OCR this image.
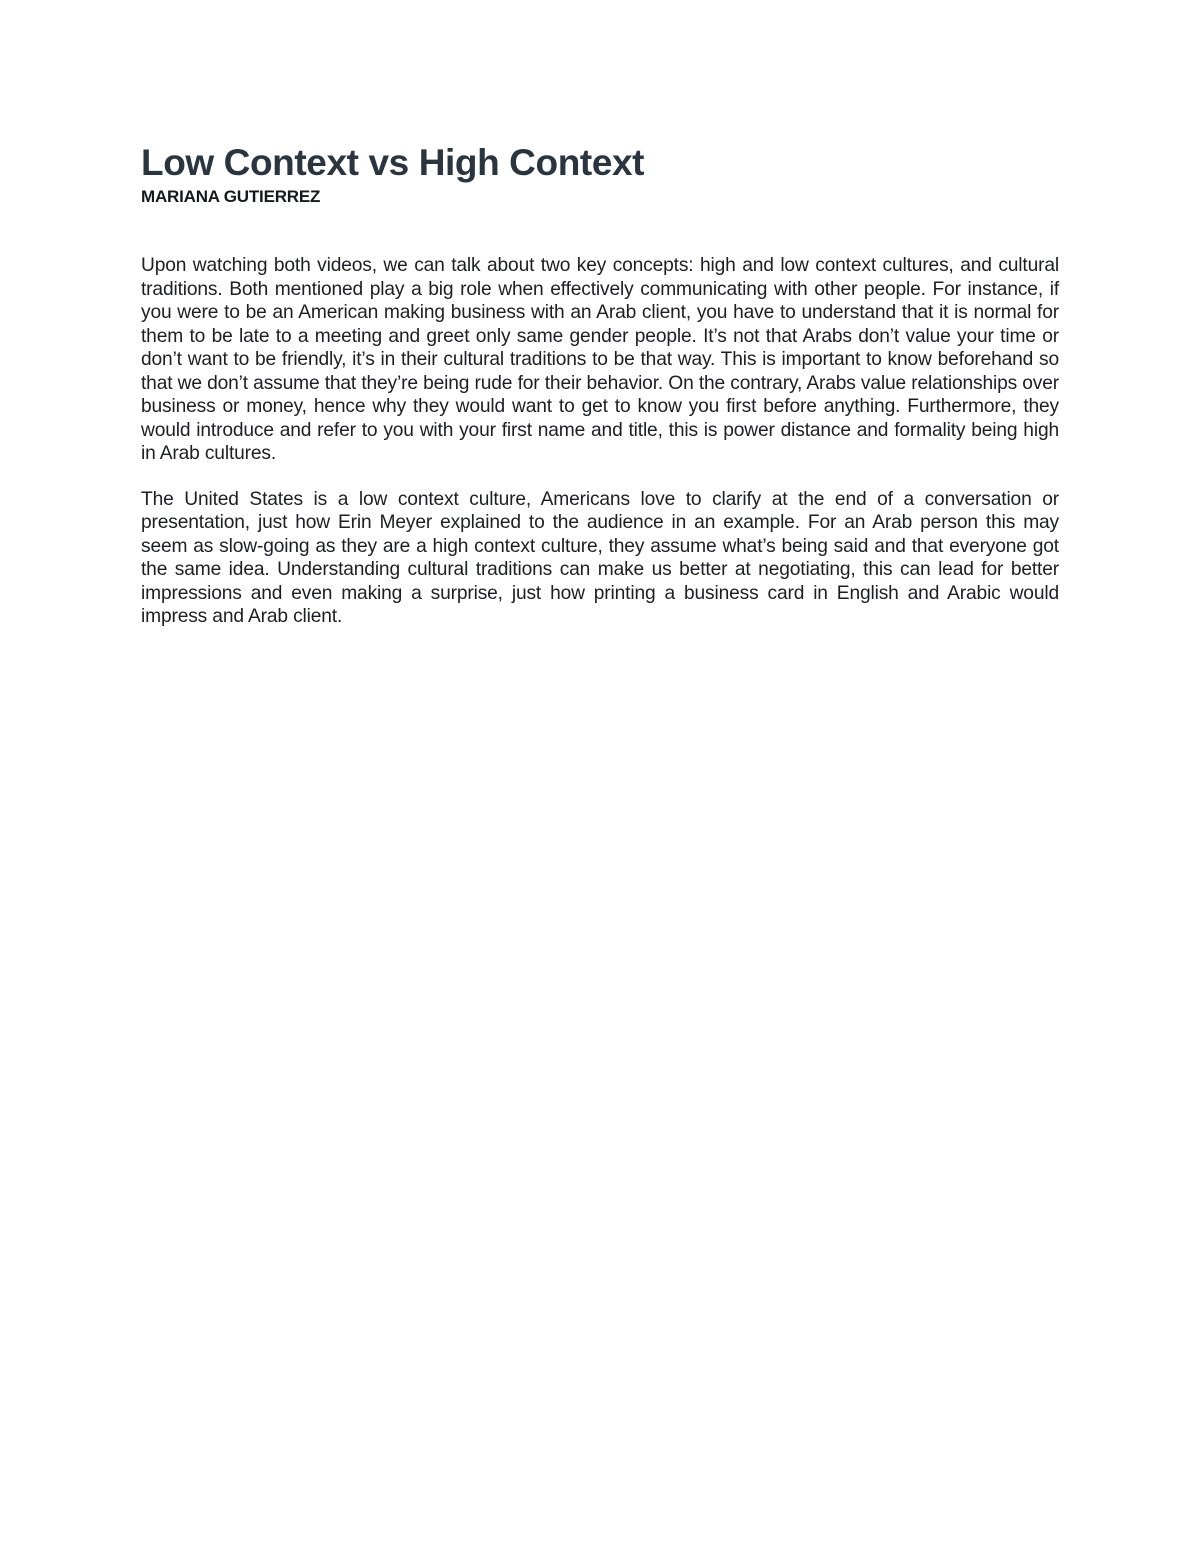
Low Context vs High Context

MARIANA GUTIERREZ

Upon watching both videos, we can talk about two key concepts: high and low context cultures, and cultural traditions. Both mentioned play a big role when effectively communicating with other people. For instance, if you were to be an American making business with an Arab client, you have to understand that it is normal for them to be late to a meeting and greet only same gender people. It’s not that Arabs don’t value your time or don’t want to be friendly, it’s in their cultural traditions to be that way. This is important to know beforehand so that we don’t assume that they’re being rude for their behavior. On the contrary, Arabs value relationships over business or money, hence why they would want to get to know you first before anything. Furthermore, they would introduce and refer to you with your first name and title, this is power distance and formality being high in Arab cultures.

The United States is a low context culture, Americans love to clarify at the end of a conversation or presentation, just how Erin Meyer explained to the audience in an example. For an Arab person this may seem as slow-going as they are a high context culture, they assume what’s being said and that everyone got the same idea. Understanding cultural traditions can make us better at negotiating, this can lead for better impressions and even making a surprise, just how printing a business card in English and Arabic would impress and Arab client.
